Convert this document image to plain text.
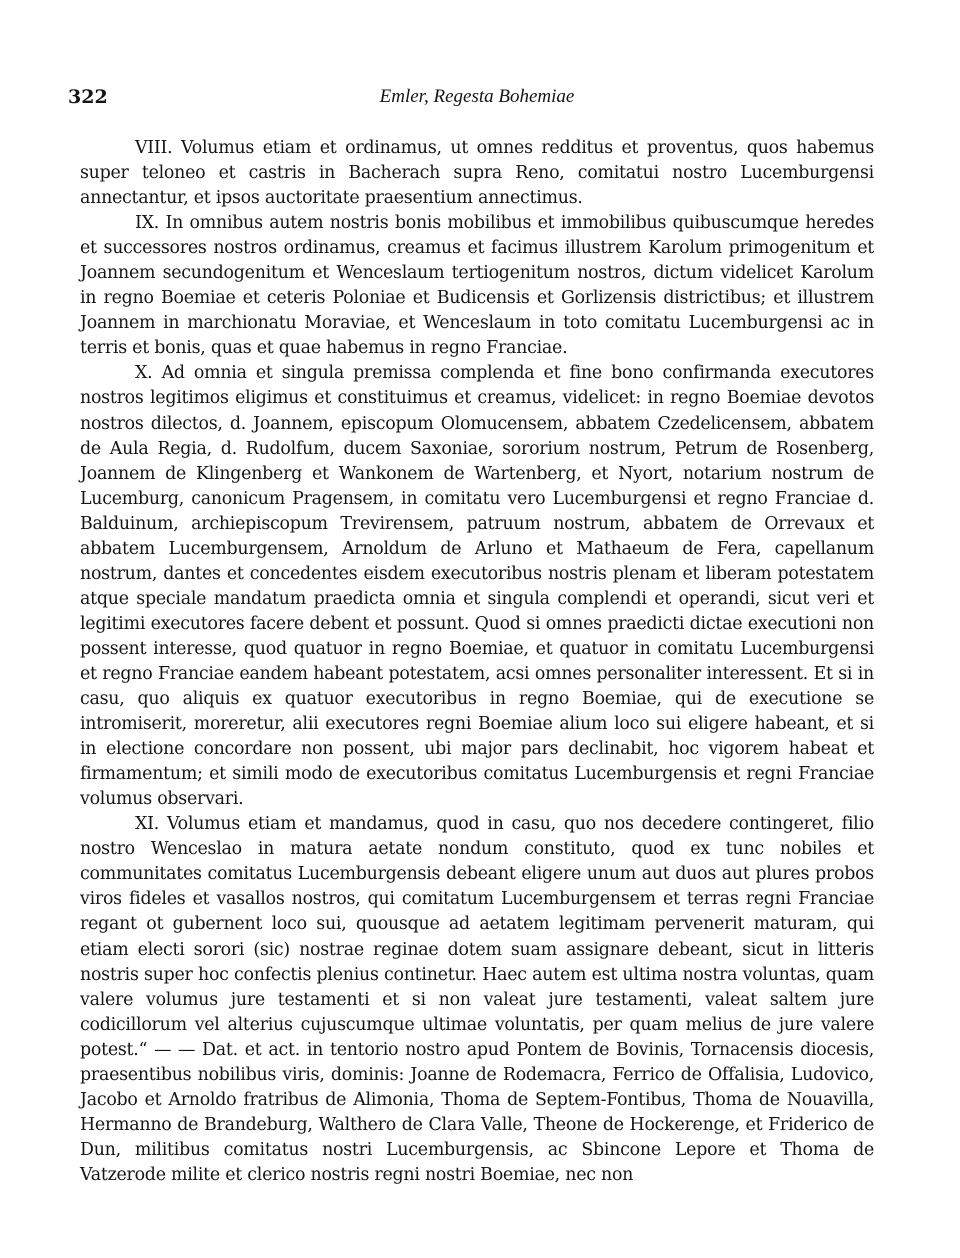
322	Emler, Regesta Bohemiae

VIII. Volumus etiam et ordinamus, ut omnes redditus et proventus, quos habemus super teloneo et castris in Bacherach supra Reno, comitatui nostro Lucemburgensi annectantur, et ipsos auctoritate praesentium annectimus.

IX. In omnibus autem nostris bonis mobilibus et immobilibus quibuscumque heredes et successores nostros ordinamus, creamus et facimus illustrem Karolum primogenitum et Joannem secundogenitum et Wenceslaum tertiogenitum nostros, dictum videlicet Karolum in regno Boemiae et ceteris Poloniae et Budicensis et Gorlizensis districtibus; et illustrem Joannem in marchionatu Moraviae, et Wenceslaum in toto comitatu Lucemburgensi ac in terris et bonis, quas et quae habemus in regno Franciae.

X. Ad omnia et singula premissa complenda et fine bono confirmanda executores nostros legitimos eligimus et constituimus et creamus, videlicet: in regno Boemiae devotos nostros dilectos, d. Joannem, episcopum Olomucensem, abbatem Czedelicensem, abbatem de Aula Regia, d. Rudolfum, ducem Saxoniae, sororium nostrum, Petrum de Rosenberg, Joannem de Klingenberg et Wankonem de Wartenberg, et Nyort, notarium nostrum de Lucemburg, canonicum Pragensem, in comitatu vero Lucemburgensi et regno Franciae d. Balduinum, archiepiscopum Trevirensem, patruum nostrum, abbatem de Orrevaux et abbatem Lucemburgensem, Arnoldum de Arluno et Mathaeum de Fera, capellanum nostrum, dantes et concedentes eisdem executoribus nostris plenam et liberam potestatem atque speciale mandatum praedicta omnia et singula complendi et operandi, sicut veri et legitimi executores facere debent et possunt. Quod si omnes praedicti dictae executioni non possent interesse, quod quatuor in regno Boemiae, et quatuor in comitatu Lucemburgensi et regno Franciae eandem habeant potestatem, acsi omnes personaliter interessent. Et si in casu, quo aliquis ex quatuor executoribus in regno Boemiae, qui de executione se intromiserit, moreretur, alii executores regni Boemiae alium loco sui eligere habeant, et si in electione concordare non possent, ubi major pars declinabit, hoc vigorem habeat et firmamentum; et simili modo de executoribus comitatus Lucemburgensis et regni Franciae volumus observari.

XI. Volumus etiam et mandamus, quod in casu, quo nos decedere contingeret, filio nostro Wenceslao in matura aetate nondum constituto, quod ex tunc nobiles et communitates comitatus Lucemburgensis debeant eligere unum aut duos aut plures probos viros fideles et vasallos nostros, qui comitatum Lucemburgensem et terras regni Franciae regant ot gubernent loco sui, quousque ad aetatem legitimam pervenerit maturam, qui etiam electi sorori (sic) nostrae reginae dotem suam assignare debeant, sicut in litteris nostris super hoc confectis plenius continetur. Haec autem est ultima nostra voluntas, quam valere volumus jure testamenti et si non valeat jure testamenti, valeat saltem jure codicillorum vel alterius cujuscumque ultimae voluntatis, per quam melius de jure valere potest.“ — — Dat. et act. in tentorio nostro apud Pontem de Bovinis, Tornacensis diocesis, praesentibus nobilibus viris, dominis: Joanne de Rodemacra, Ferrico de Offalisia, Ludovico, Jacobo et Arnoldo fratribus de Alimonia, Thoma de Septem-Fontibus, Thoma de Nouavilla, Hermanno de Brandeburg, Walthero de Clara Valle, Theone de Hockerenge, et Friderico de Dun, militibus comitatus nostri Lucemburgensis, ac Sbincone Lepore et Thoma de Vatzerode milite et clerico nostris regni nostri Boemiae, nec non
